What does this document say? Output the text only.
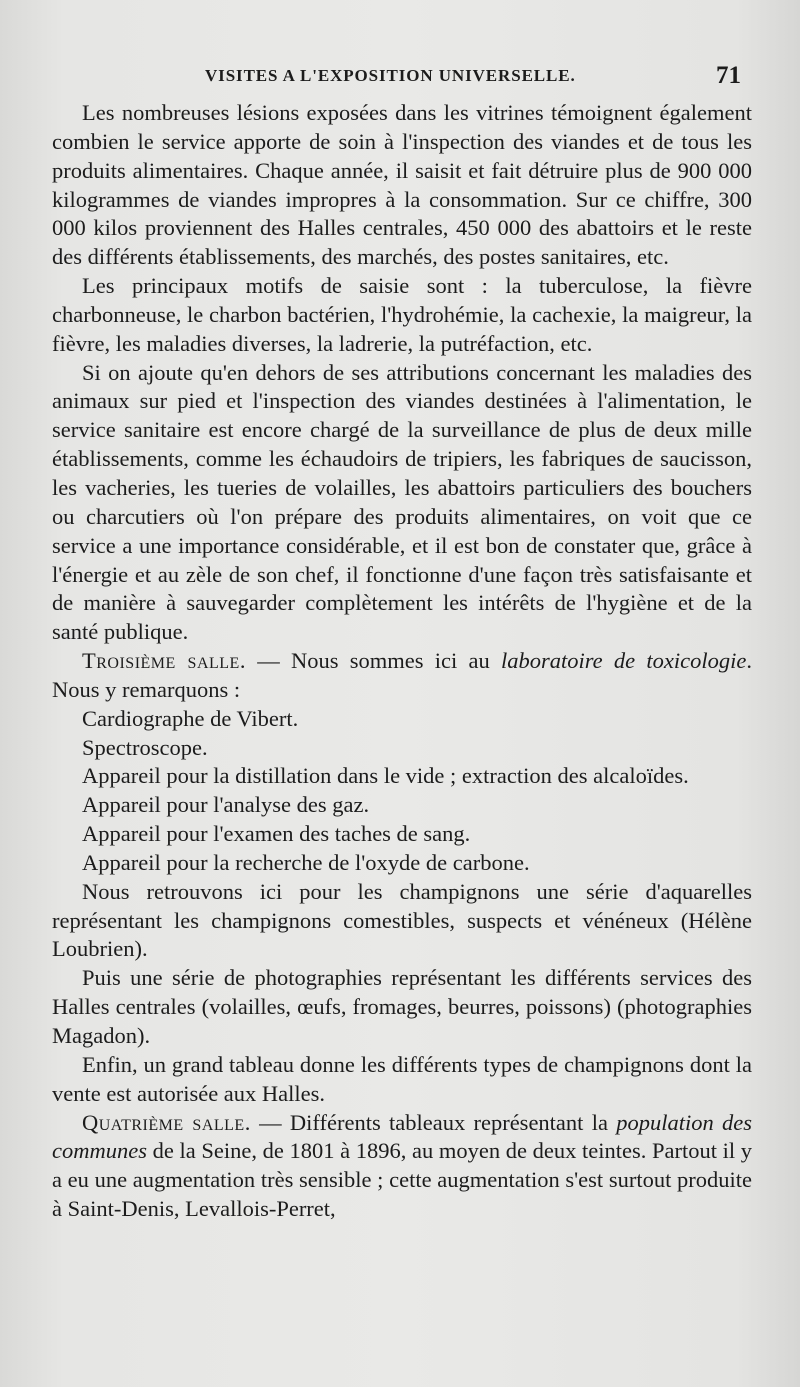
VISITES A L'EXPOSITION UNIVERSELLE.	71

Les nombreuses lésions exposées dans les vitrines témoignent également combien le service apporte de soin à l'inspection des viandes et de tous les produits alimentaires. Chaque année, il saisit et fait détruire plus de 900 000 kilogrammes de viandes impropres à la consommation. Sur ce chiffre, 300 000 kilos proviennent des Halles centrales, 450 000 des abattoirs et le reste des différents établissements, des marchés, des postes sanitaires, etc.

Les principaux motifs de saisie sont : la tuberculose, la fièvre charbonneuse, le charbon bactérien, l'hydrohémie, la cachexie, la maigreur, la fièvre, les maladies diverses, la ladrerie, la putréfaction, etc.

Si on ajoute qu'en dehors de ses attributions concernant les maladies des animaux sur pied et l'inspection des viandes destinées à l'alimentation, le service sanitaire est encore chargé de la surveillance de plus de deux mille établissements, comme les échaudoirs de tripiers, les fabriques de saucisson, les vacheries, les tueries de volailles, les abattoirs particuliers des bouchers ou charcutiers où l'on prépare des produits alimentaires, on voit que ce service a une importance considérable, et il est bon de constater que, grâce à l'énergie et au zèle de son chef, il fonctionne d'une façon très satisfaisante et de manière à sauvegarder complètement les intérêts de l'hygiène et de la santé publique.

Troisième salle. — Nous sommes ici au laboratoire de toxicologie. Nous y remarquons :

Cardiographe de Vibert.

Spectroscope.

Appareil pour la distillation dans le vide ; extraction des alcaloïdes.

Appareil pour l'analyse des gaz.

Appareil pour l'examen des taches de sang.

Appareil pour la recherche de l'oxyde de carbone.

Nous retrouvons ici pour les champignons une série d'aquarelles représentant les champignons comestibles, suspects et vénéneux (Hélène Loubrien).

Puis une série de photographies représentant les différents services des Halles centrales (volailles, œufs, fromages, beurres, poissons) (photographies Magadon).

Enfin, un grand tableau donne les différents types de champignons dont la vente est autorisée aux Halles.

Quatrième salle. — Différents tableaux représentant la population des communes de la Seine, de 1801 à 1896, au moyen de deux teintes. Partout il y a eu une augmentation très sensible ; cette augmentation s'est surtout produite à Saint-Denis, Levallois-Perret,
